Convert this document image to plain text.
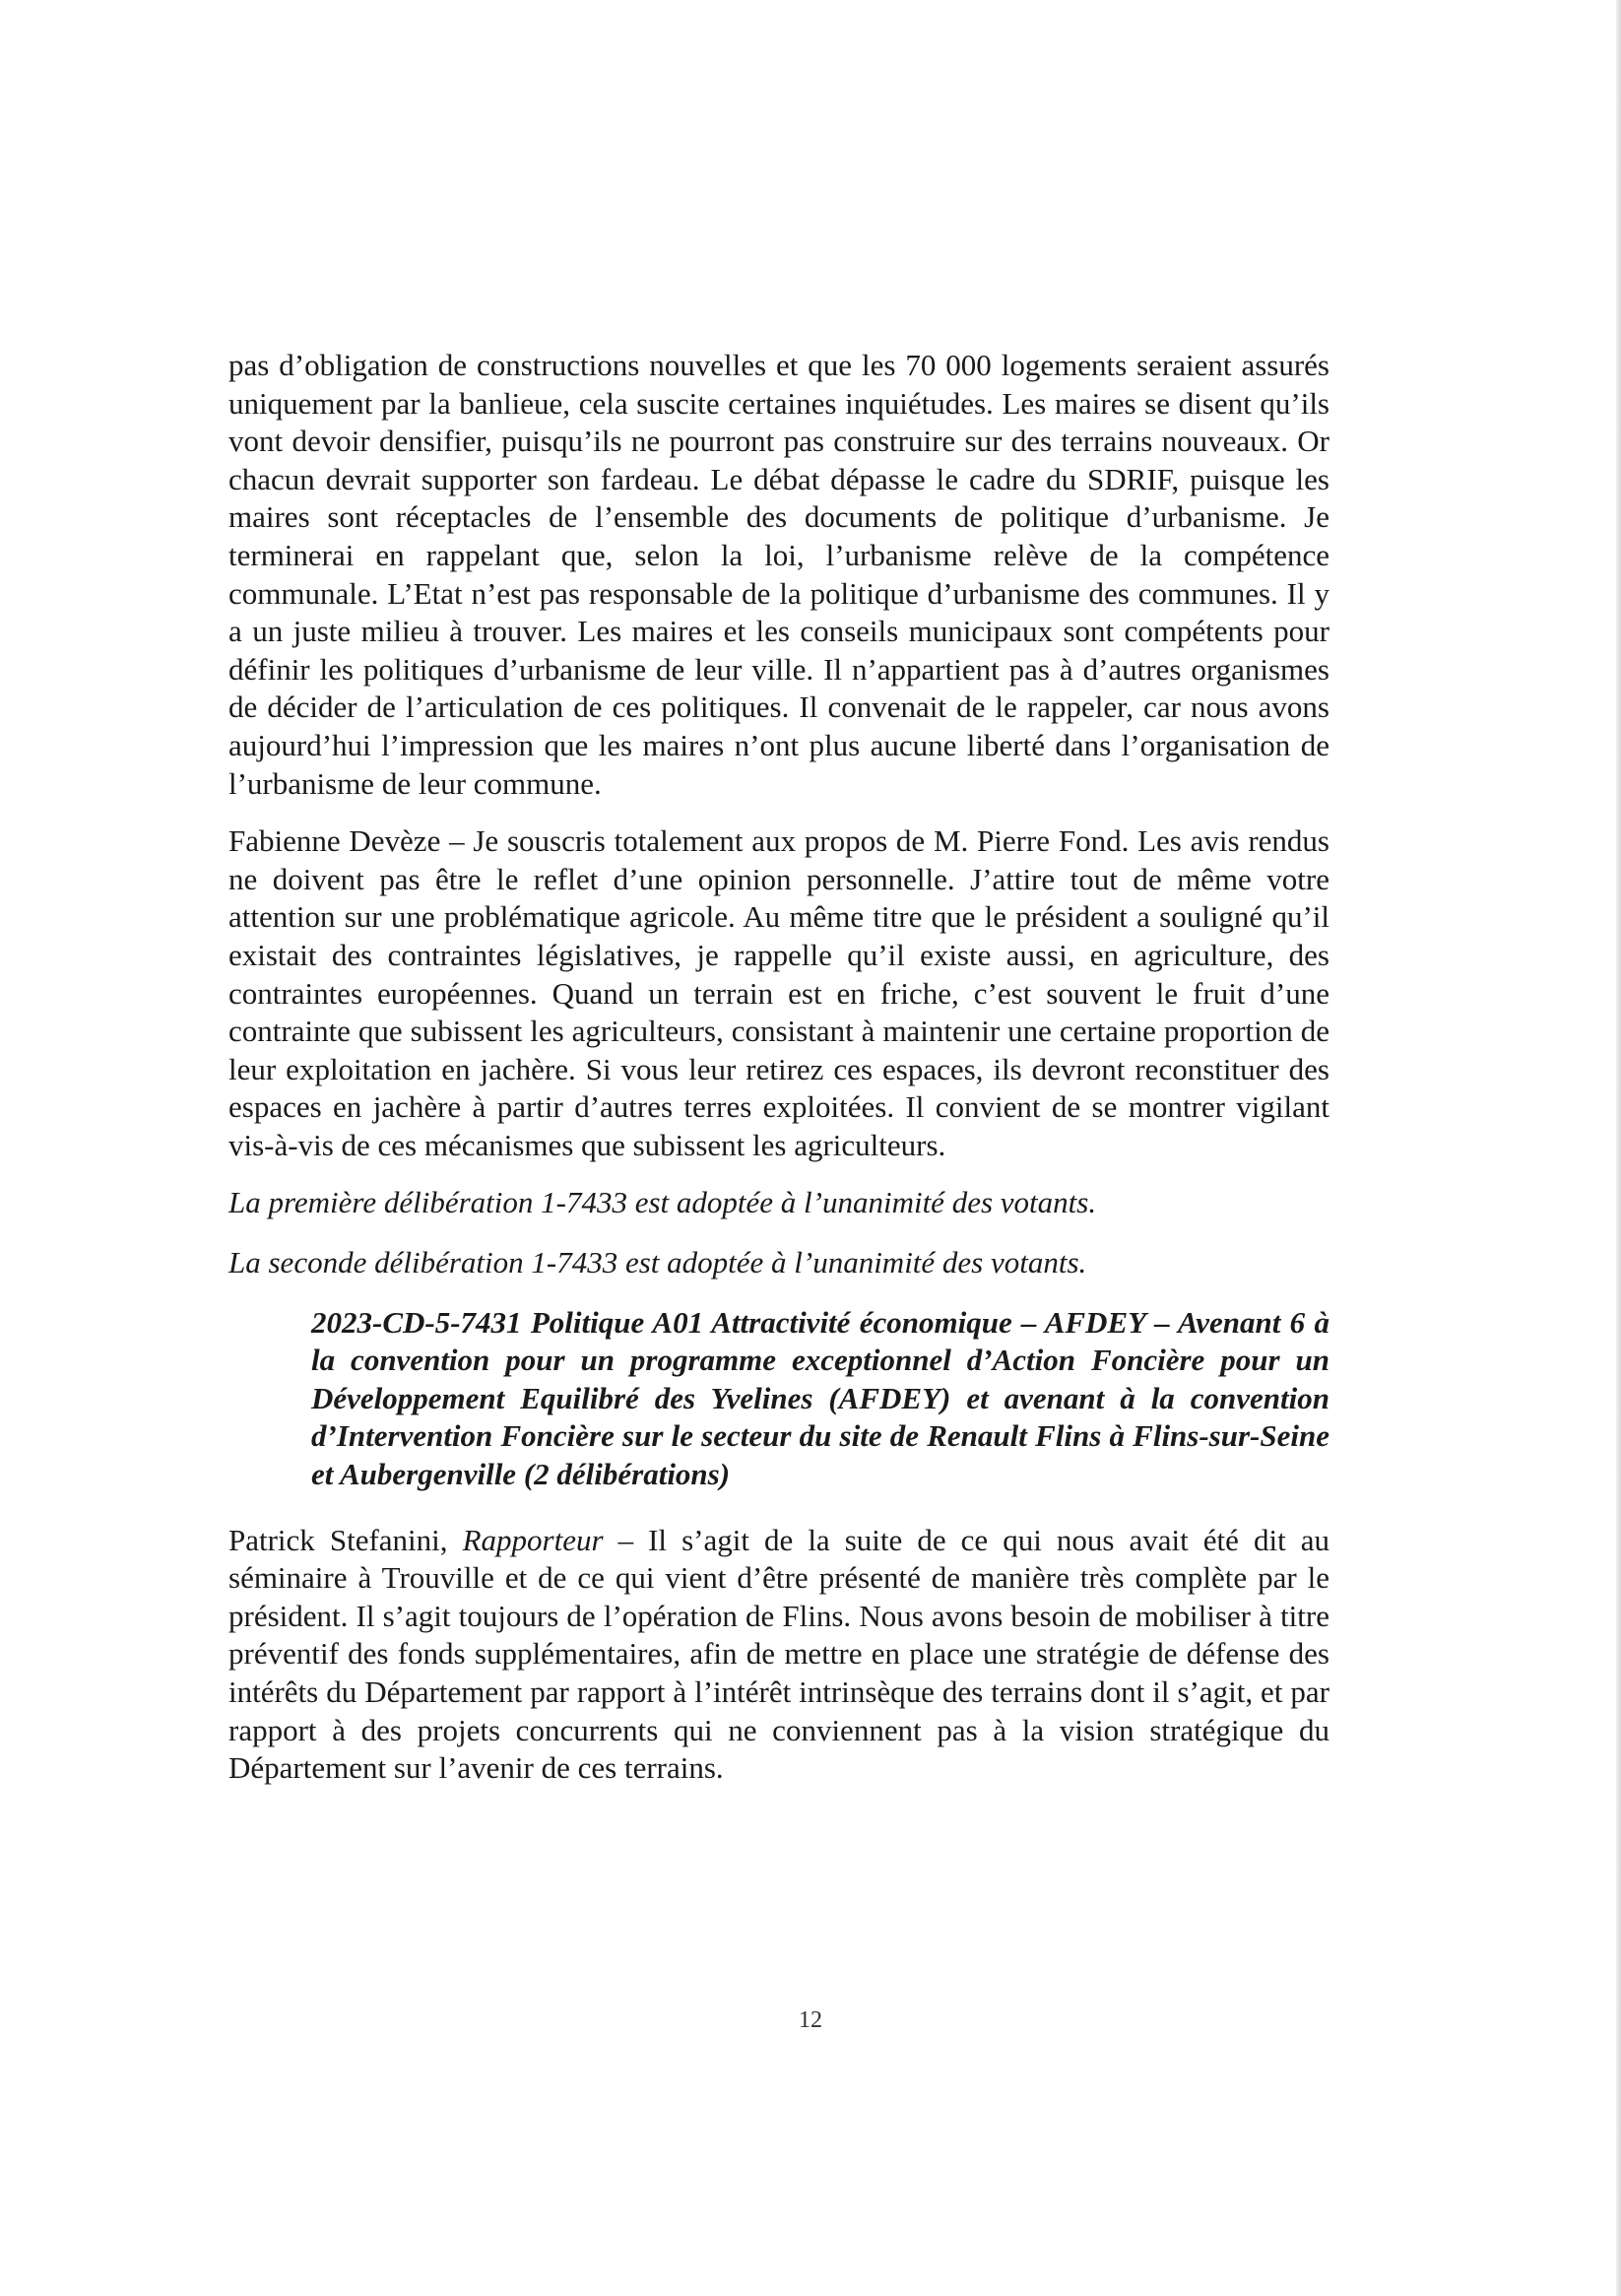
pas d’obligation de constructions nouvelles et que les 70 000 logements seraient assurés uniquement par la banlieue, cela suscite certaines inquiétudes. Les maires se disent qu’ils vont devoir densifier, puisqu’ils ne pourront pas construire sur des terrains nouveaux. Or chacun devrait supporter son fardeau. Le débat dépasse le cadre du SDRIF, puisque les maires sont réceptacles de l’ensemble des documents de politique d’urbanisme. Je terminerai en rappelant que, selon la loi, l’urbanisme relève de la compétence communale. L’Etat n’est pas responsable de la politique d’urbanisme des communes. Il y a un juste milieu à trouver. Les maires et les conseils municipaux sont compétents pour définir les politiques d’urbanisme de leur ville. Il n’appartient pas à d’autres organismes de décider de l’articulation de ces politiques. Il convenait de le rappeler, car nous avons aujourd’hui l’impression que les maires n’ont plus aucune liberté dans l’organisation de l’urbanisme de leur commune.

Fabienne Devèze – Je souscris totalement aux propos de M. Pierre Fond. Les avis rendus ne doivent pas être le reflet d’une opinion personnelle. J’attire tout de même votre attention sur une problématique agricole. Au même titre que le président a souligné qu’il existait des contraintes législatives, je rappelle qu’il existe aussi, en agriculture, des contraintes européennes. Quand un terrain est en friche, c’est souvent le fruit d’une contrainte que subissent les agriculteurs, consistant à maintenir une certaine proportion de leur exploitation en jachère. Si vous leur retirez ces espaces, ils devront reconstituer des espaces en jachère à partir d’autres terres exploitées. Il convient de se montrer vigilant vis-à-vis de ces mécanismes que subissent les agriculteurs.

La première délibération 1-7433 est adoptée à l’unanimité des votants.

La seconde délibération 1-7433 est adoptée à l’unanimité des votants.

2023-CD-5-7431 Politique A01 Attractivité économique – AFDEY – Avenant 6 à la convention pour un programme exceptionnel d’Action Foncière pour un Développement Equilibré des Yvelines (AFDEY) et avenant à la convention d’Intervention Foncière sur le secteur du site de Renault Flins à Flins-sur-Seine et Aubergenville (2 délibérations)

Patrick Stefanini, Rapporteur – Il s’agit de la suite de ce qui nous avait été dit au séminaire à Trouville et de ce qui vient d’être présenté de manière très complète par le président. Il s’agit toujours de l’opération de Flins. Nous avons besoin de mobiliser à titre préventif des fonds supplémentaires, afin de mettre en place une stratégie de défense des intérêts du Département par rapport à l’intérêt intrinsèque des terrains dont il s’agit, et par rapport à des projets concurrents qui ne conviennent pas à la vision stratégique du Département sur l’avenir de ces terrains.

12
